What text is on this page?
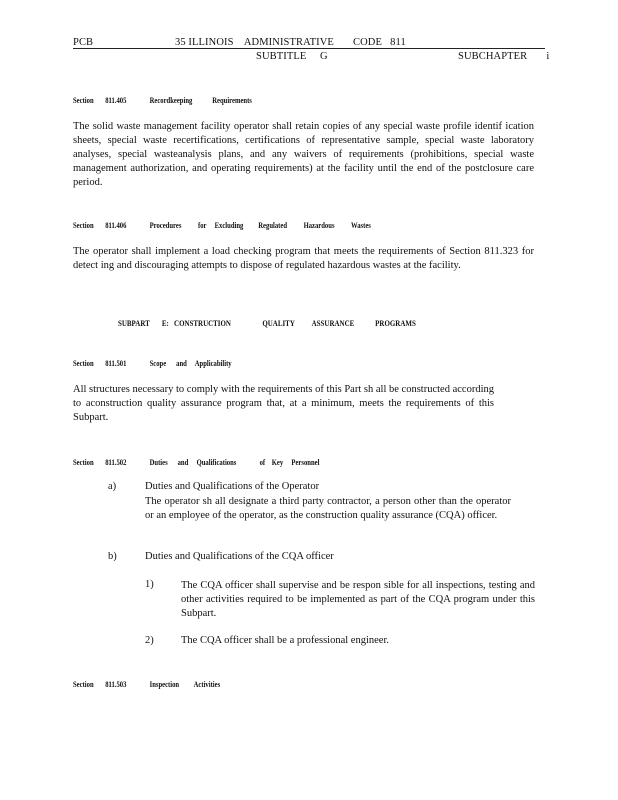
PCB	35 ILLINOIS    ADMINISTRATIVE       CODE   811
SUBTITLE     G	SUBCHAPTER       i
Section       811.405              Recordkeeping            Requirements
The solid waste management facility operator shall retain copies of any special waste profile identif ication sheets, special waste recertifications, certifications of representative sample, special waste laboratory analyses, special wasteanalysis plans, and any waivers of requirements (prohibitions, special waste management authorization, and operating requirements) at the facility until the end of the postclosure care period.
Section       811.406              Procedures          for     Excluding         Regulated          Hazardous          Wastes
The operator shall implement a load checking program that meets the requirements of Section 811.323 for detect ing and discouraging attempts to dispose of regulated hazardous wastes at the facility.
SUBPART       E:   CONSTRUCTION                  QUALITY          ASSURANCE            PROGRAMS
Section       811.501              Scope      and     Applicability
All structures necessary to comply with the requirements of this Part sh all be constructed according to aconstruction quality assurance program that, at a minimum, meets the requirements of this Subpart.
Section       811.502              Duties      and     Qualifications              of    Key     Personnel
a)	Duties and Qualifications of the Operator
The operator sh all designate a third party contractor, a person other than the operator or an employee of the operator, as the construction quality assurance (CQA) officer.
b)	Duties and Qualifications of the CQA officer
1)	The CQA officer shall supervise and be respon sible for all inspections, testing and other activities required to be implemented as part of the CQA program under this Subpart.
2)	The CQA officer shall be a professional engineer.
Section       811.503              Inspection         Activities
